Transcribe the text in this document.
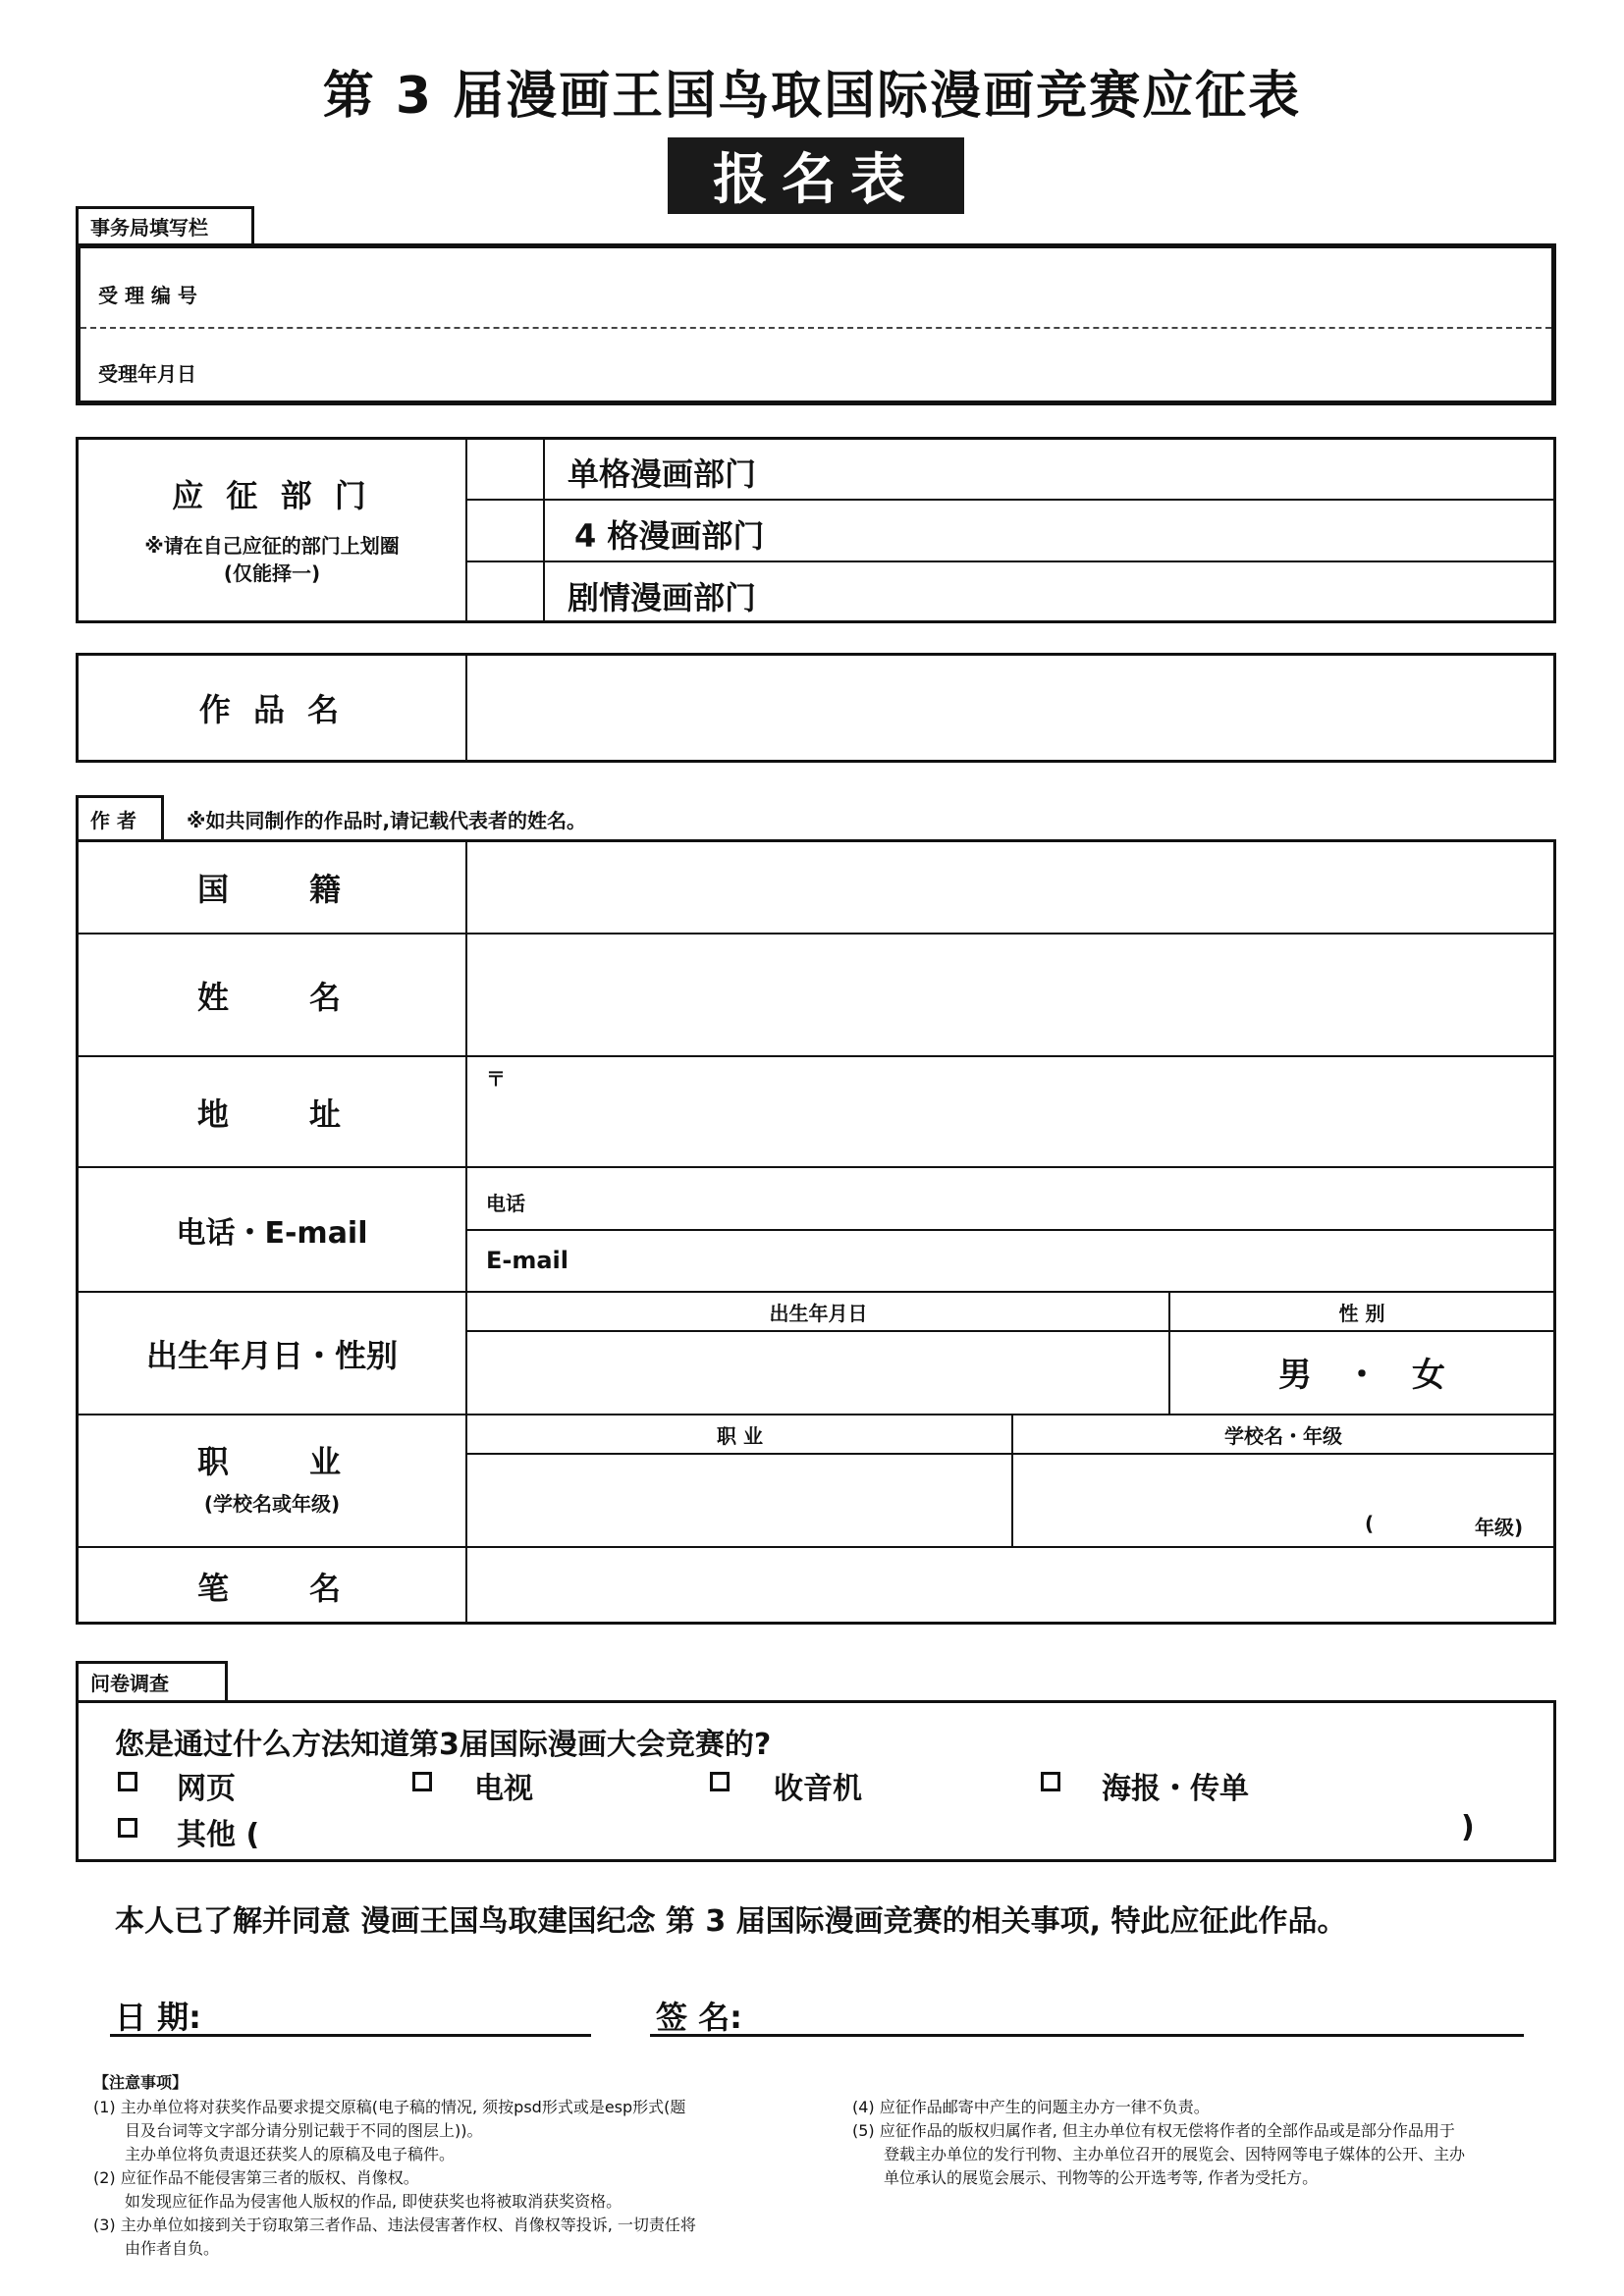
第 3 届漫画王国鸟取国际漫画竞赛应征表
报名表
事务局填写栏
受 理 编 号
受理年月日
应 征 部 门
※请在自己应征的部门上划圈
(仅能择一)
单格漫画部门
4 格漫画部门
剧情漫画部门
作 品 名
作 者	※如共同制作的作品时,请记载代表者的姓名。
国　　籍
姓　　名
地　　址
〒
电话・E-mail
电话
E-mail
出生年月日・性别
出生年月日	性 别
男　・　女
职　　业
(学校名或年级)
职 业	学校名・年级
(	年级)
笔　　名
问卷调查
您是通过什么方法知道第3届国际漫画大会竞赛的?
网页	电视	收音机	海报・传单
其他 (	)
本人已了解并同意 漫画王国鸟取建国纪念 第 3 届国际漫画竞赛的相关事项, 特此应征此作品。
日 期:	签 名:
【注意事项】
(1) 主办单位将对获奖作品要求提交原稿(电子稿的情况, 须按psd形式或是esp形式(题
　　目及台词等文字部分请分别记载于不同的图层上))。
　　主办单位将负责退还获奖人的原稿及电子稿件。
(2) 应征作品不能侵害第三者的版权、肖像权。
　　如发现应征作品为侵害他人版权的作品, 即使获奖也将被取消获奖资格。
(3) 主办单位如接到关于窃取第三者作品、违法侵害著作权、肖像权等投诉, 一切责任将
　　由作者自负。
(4) 应征作品邮寄中产生的问题主办方一律不负责。
(5) 应征作品的版权归属作者, 但主办单位有权无偿将作者的全部作品或是部分作品用于
　　登载主办单位的发行刊物、主办单位召开的展览会、因特网等电子媒体的公开、主办
　　单位承认的展览会展示、刊物等的公开选考等, 作者为受托方。
